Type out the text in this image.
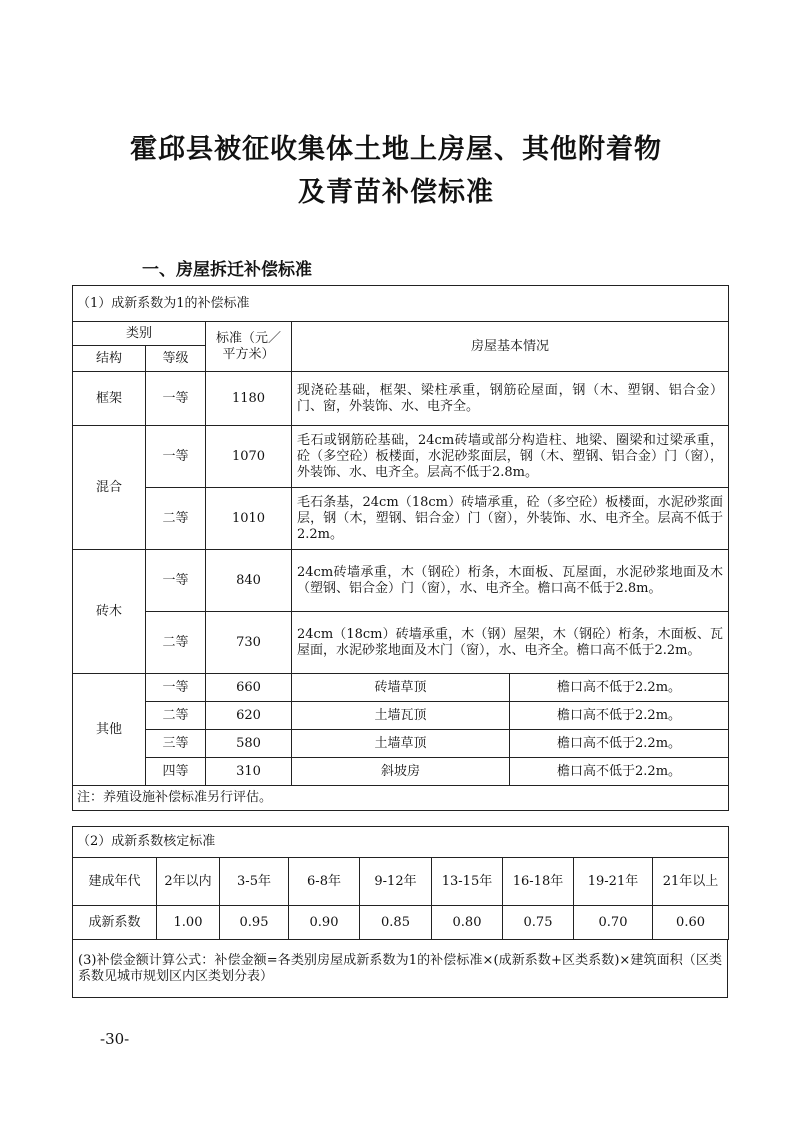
霍邱县被征收集体土地上房屋、其他附着物
及青苗补偿标准
一、房屋拆迁补偿标准
（1）成新系数为1的补偿标准				
类别		标准（元／平方米）	房屋基本情况	
结构	等级			
框架	一等	1180	现浇砼基础，框架、梁柱承重，钢筋砼屋面，钢（木、塑钢、铝合金）门、窗，外装饰、水、电齐全。	
混合	一等	1070	毛石或钢筋砼基础，24cm砖墙或部分构造柱、地梁、圈梁和过梁承重，砼（多空砼）板楼面，水泥砂浆面层，钢（木、塑钢、铝合金）门（窗），外装饰、水、电齐全。层高不低于2.8m。	
	二等	1010	毛石条基，24cm（18cm）砖墙承重，砼（多空砼）板楼面，水泥砂浆面层，钢（木，塑钢、铝合金）门（窗），外装饰、水、电齐全。层高不低于2.2m。	
砖木	一等	840	24cm砖墙承重，木（钢砼）桁条，木面板、瓦屋面，水泥砂浆地面及木（塑钢、铝合金）门（窗），水、电齐全。檐口高不低于2.8m。	
	二等	730	24cm（18cm）砖墙承重，木（钢）屋架，木（钢砼）桁条，木面板、瓦屋面，水泥砂浆地面及木门（窗），水、电齐全。檐口高不低于2.2m。	
其他	一等	660	砖墙草顶	檐口高不低于2.2m。
	二等	620	土墙瓦顶	檐口高不低于2.2m。
	三等	580	土墙草顶	檐口高不低于2.2m。
	四等	310	斜坡房	檐口高不低于2.2m。
注：养殖设施补偿标准另行评估。				
（2）成新系数核定标准								
建成年代	2年以内	3-5年	6-8年	9-12年	13-15年	16-18年	19-21年	21年以上
成新系数	1.00	0.95	0.90	0.85	0.80	0.75	0.70	0.60
(3)补偿金额计算公式：补偿金额=各类别房屋成新系数为1的补偿标准×(成新系数+区类系数)×建筑面积（区类系数见城市规划区内区类划分表）
-30-
